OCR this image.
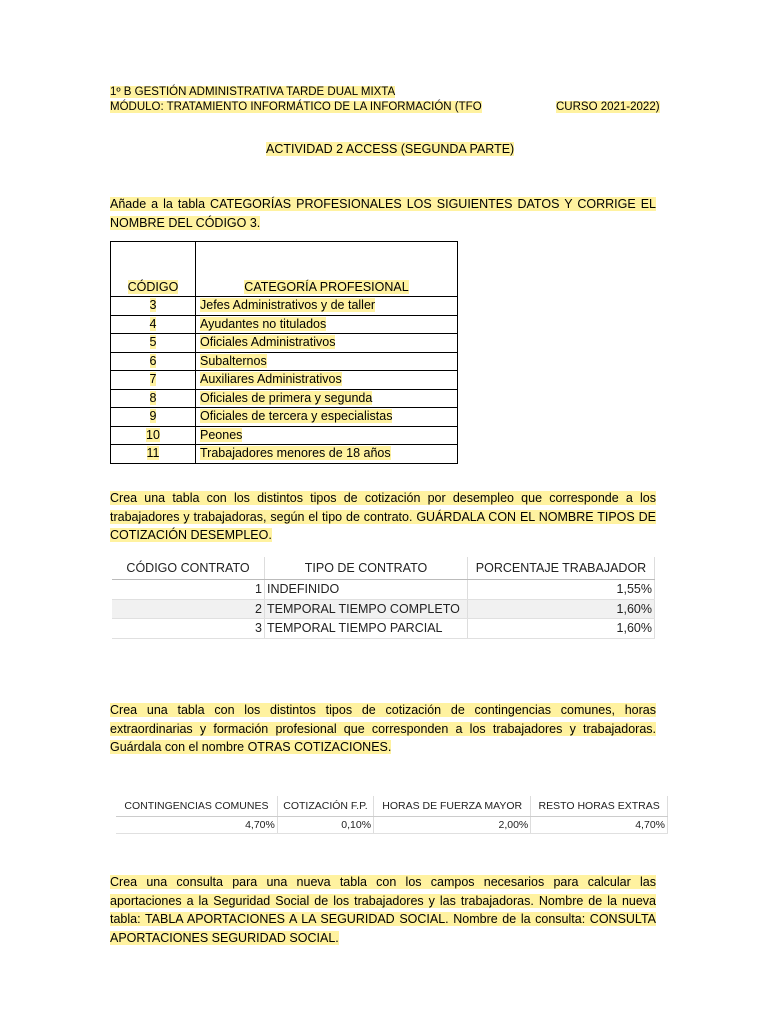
1º B GESTIÓN ADMINISTRATIVA TARDE DUAL MIXTA
MÓDULO: TRATAMIENTO INFORMÁTICO DE LA INFORMACIÓN (TFO	CURSO 2021-2022)
ACTIVIDAD 2 ACCESS (SEGUNDA PARTE)
Añade a la tabla CATEGORÍAS PROFESIONALES LOS SIGUIENTES DATOS Y CORRIGE EL NOMBRE DEL CÓDIGO 3.
CÓDIGO	CATEGORÍA PROFESIONAL
3	Jefes Administrativos y de taller
4	Ayudantes no titulados
5	Oficiales Administrativos
6	Subalternos
7	Auxiliares Administrativos
8	Oficiales de primera y segunda
9	Oficiales de tercera y especialistas
10	Peones
11	Trabajadores menores de 18 años
Crea una tabla con los distintos tipos de cotización por desempleo que corresponde a los trabajadores y trabajadoras, según el tipo de contrato. GUÁRDALA CON EL NOMBRE TIPOS DE COTIZACIÓN DESEMPLEO.
CÓDIGO CONTRATO	TIPO DE CONTRATO	PORCENTAJE TRABAJADOR
1	INDEFINIDO	1,55%
2	TEMPORAL TIEMPO COMPLETO	1,60%
3	TEMPORAL TIEMPO PARCIAL	1,60%
Crea una tabla con los distintos tipos de cotización de contingencias comunes, horas extraordinarias y formación profesional que corresponden a los trabajadores y trabajadoras. Guárdala con el nombre OTRAS COTIZACIONES.
CONTINGENCIAS COMUNES	COTIZACIÓN F.P.	HORAS DE FUERZA MAYOR	RESTO HORAS EXTRAS
4,70%	0,10%	2,00%	4,70%
Crea una consulta para una nueva tabla con los campos necesarios para calcular las aportaciones a la Seguridad Social de los trabajadores y las trabajadoras. Nombre de la nueva tabla: TABLA APORTACIONES A LA SEGURIDAD SOCIAL. Nombre de la consulta: CONSULTA APORTACIONES SEGURIDAD SOCIAL.
